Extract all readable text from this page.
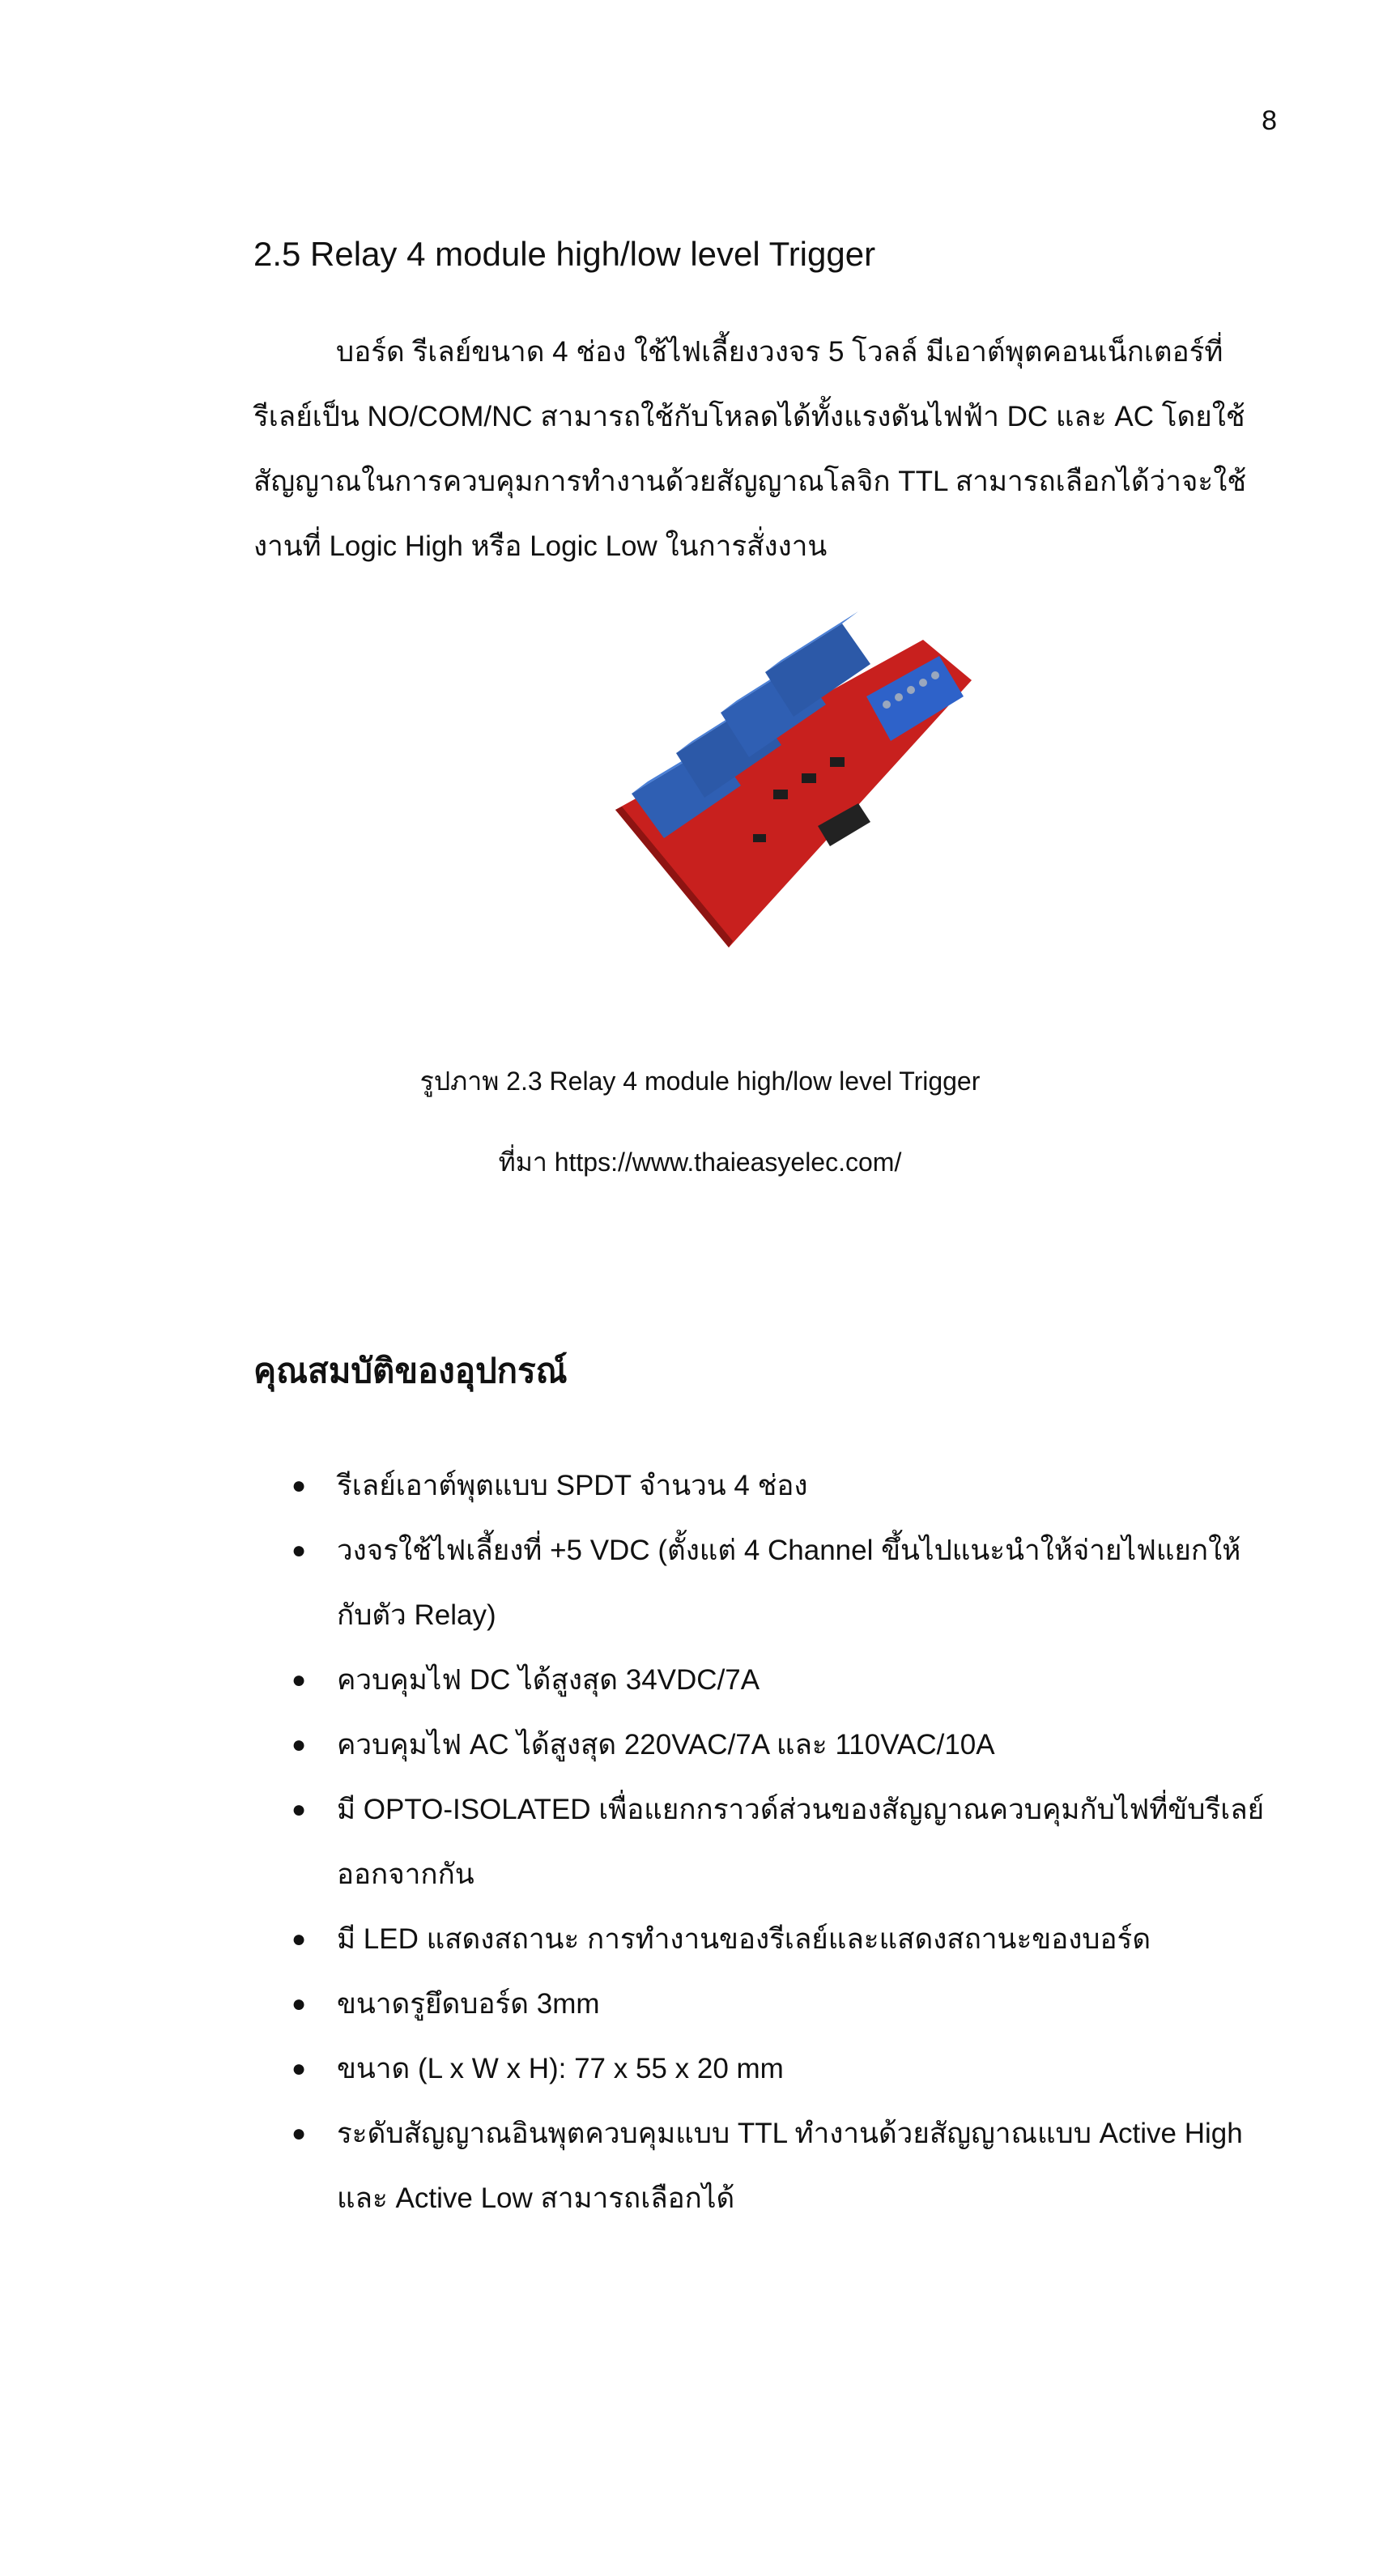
8
2.5 Relay 4 module high/low level Trigger

บอร์ด รีเลย์ขนาด 4 ช่อง ใช้ไฟเลี้ยงวงจร 5 โวลล์ มีเอาต์พุตคอนเน็กเตอร์ที่รีเลย์เป็น NO/COM/NC สามารถใช้กับโหลดได้ทั้งแรงดันไฟฟ้า DC และ AC โดยใช้สัญญาณในการควบคุมการทำงานด้วยสัญญาณโลจิก TTL สามารถเลือกได้ว่าจะใช้งานที่ Logic High หรือ Logic Low ในการสั่งงาน

รูปภาพ 2.3 Relay 4 module high/low level Trigger

ที่มา https://www.thaieasyelec.com/

คุณสมบัติของอุปกรณ์
● รีเลย์เอาต์พุตแบบ SPDT จำนวน 4 ช่อง
● วงจรใช้ไฟเลี้ยงที่ +5 VDC (ตั้งแต่ 4 Channel ขึ้นไปแนะนำให้จ่ายไฟแยกให้กับตัว Relay)
● ควบคุมไฟ DC ได้สูงสุด 34VDC/7A
● ควบคุมไฟ AC ได้สูงสุด 220VAC/7A และ 110VAC/10A
● มี OPTO-ISOLATED เพื่อแยกกราวด์ส่วนของสัญญาณควบคุมกับไฟที่ขับรีเลย์ออกจากกัน
● มี LED แสดงสถานะ การทำงานของรีเลย์และแสดงสถานะของบอร์ด
● ขนาดรูยึดบอร์ด 3mm
● ขนาด (L x W x H): 77 x 55 x 20 mm
● ระดับสัญญาณอินพุตควบคุมแบบ TTL ทำงานด้วยสัญญาณแบบ Active High และ Active Low สามารถเลือกได้
